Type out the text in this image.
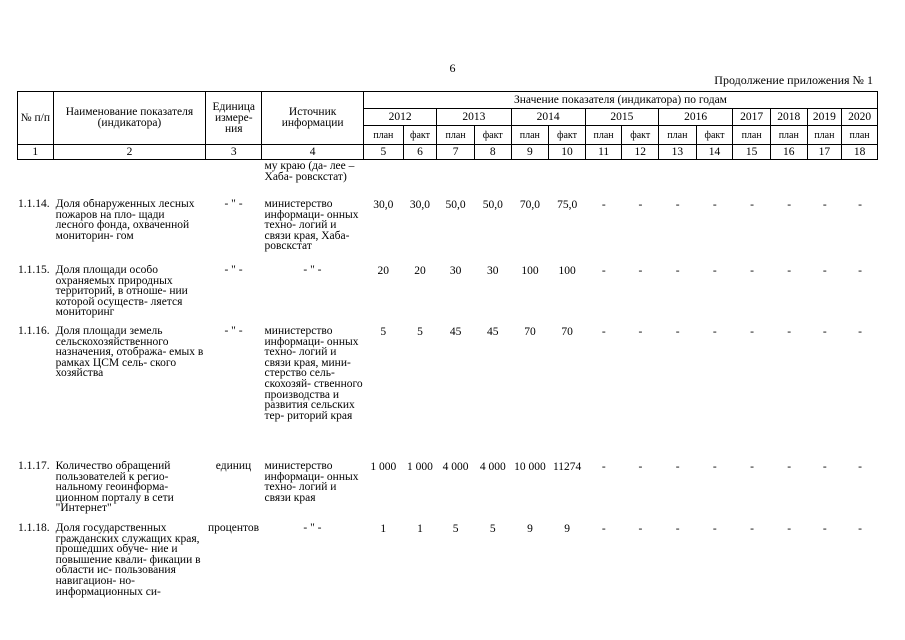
6
Продолжение приложения № 1
№ п/п	Наименование показателя (индикатора)	Единица измере- ния	Источник информации	Значение показателя (индикатора) по годам													
				2012		2013		2014		2015		2016		2017	2018	2019	2020
				план	факт	план	факт	план	факт	план	факт	план	факт	план	план	план	план
1	2	3	4	5	6	7	8	9	10	11	12	13	14	15	16	17	18
			му краю (да- лее – Хаба- ровскстат)														
1.1.14.	Доля обнаруженных лесных пожаров на пло- щади лесного фонда, охваченной мониторин- гом	- " -	министерство информаци- онных техно- логий и связи края, Хаба- ровскстат	30,0	30,0	50,0	50,0	70,0	75,0	-	-	-	-	-	-	-	-
1.1.15.	Доля площади особо охраняемых природных территорий, в отноше- нии которой осуществ- ляется мониторинг	- " -	- " -	20	20	30	30	100	100	-	-	-	-	-	-	-	-
1.1.16.	Доля площади земель сельскохозяйственного назначения, отобража- емых в рамках ЦСМ сель- ского хозяйства	- " -	министерство информаци- онных техно- логий и связи края, мини- стерство сель- скохозяй- ственного производства и развития сельских тер- риторий края	5	5	45	45	70	70	-	-	-	-	-	-	-	-
1.1.17.	Количество обращений пользователей к регио- нальному геоинформа- ционном порталу в сети "Интернет"	единиц	министерство информаци- онных техно- логий и связи края	1 000	1 000	4 000	4 000	10 000	11274	-	-	-	-	-	-	-	-
1.1.18.	Доля государственных гражданских служащих края, прошедших обуче- ние и повышение квали- фикации в области ис- пользования навигацион- но-информационных си-	процентов	- " -	1	1	5	5	9	9	-	-	-	-	-	-	-	-
